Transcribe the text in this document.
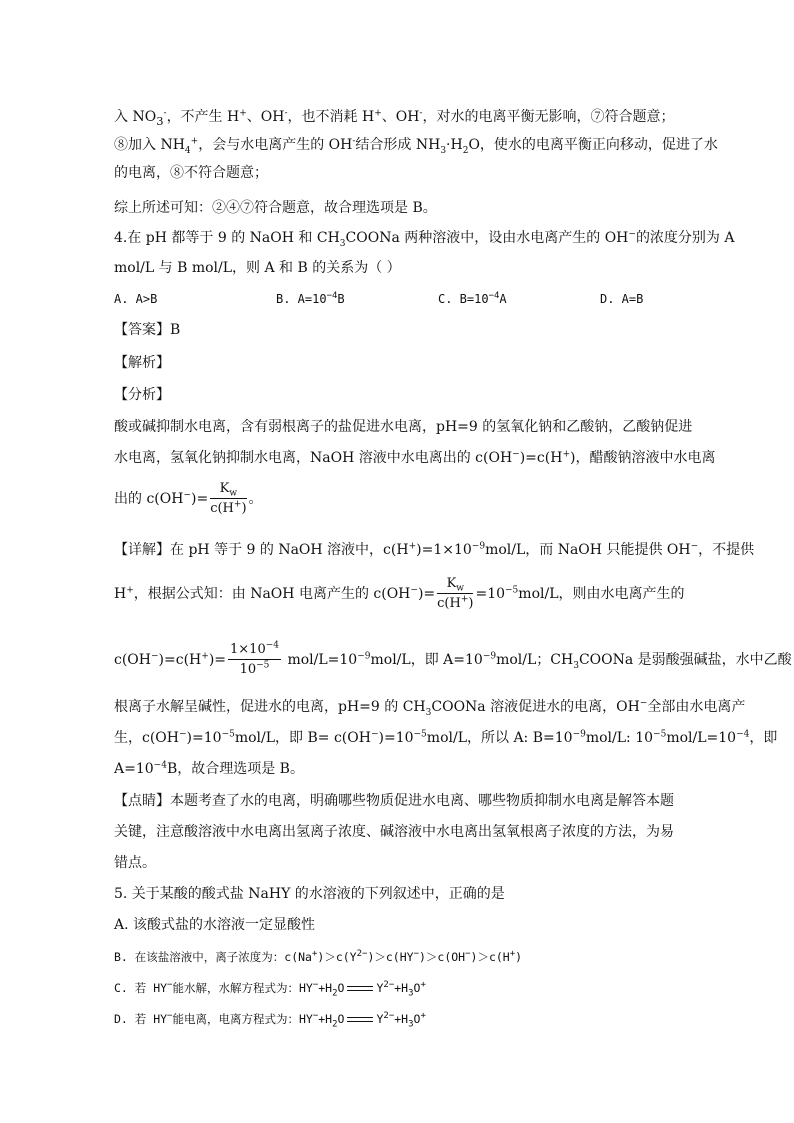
入 $NO_3^-$，不产生 H+、OH-，也不消耗 H+、OH-，对水的电离平衡无影响，⑦符合题意；
⑧加入 $NH_4^+$，会与水电离产生的 OH-结合形成 $NH_3\cdot H_2O$，使水的电离平衡正向移动，促进了水
的电离，⑧不符合题意；
综上所述可知：②④⑦符合题意，故合理选项是 B。
4.在 pH 都等于 9 的 NaOH 和 $CH_3COONa$ 两种溶液中，设由水电离产生的 OH−的浓度分别为 A
mol/L 与 B mol/L，则 A 和 B 的关系为（ ）
A. A>B	B. $A=10^{-4}B$	C. $B=10^{-4}A$	D. A=B
【答案】B
【解析】
【分析】
酸或碱抑制水电离，含有弱根离子的盐促进水电离，pH=9 的氢氧化钠和乙酸钠，乙酸钠促进
水电离，氢氧化钠抑制水电离，NaOH 溶液中水电离出的 c(OH−)=c(H+)，醋酸钠溶液中水电离
出的 $c(OH^-)= \frac{K_w}{c(H^+)}$ 。
【详解】在 pH 等于 9 的 NaOH 溶液中，$c(H^+)=1\times 10^{-9}mol/L$，而 NaOH 只能提供 OH−，不提供
H+，根据公式知：由 NaOH 电离产生的 $c(OH^-)= \frac{K_w}{c(H^+)} =10^{-5}mol/L$，则由水电离产生的
$c(OH^-)=c(H^+)= \frac{1\times 10^{-4}}{10^{-5}} mol/L=10^{-9}mol/L$，即 $A=10^{-9}mol/L$；$CH_3COONa$ 是弱酸强碱盐，水中乙酸
根离子水解呈碱性，促进水的电离，pH=9 的 $CH_3COONa$ 溶液促进水的电离，OH−全部由水电离产
生，$c(OH^-)=10^{-5}mol/L$，即 $B= c(OH^-)=10^{-5}mol/L$，所以 A: $B=10^{-9}mol/L$: $10^{-5}mol/L=10^{-4}$，即
$A=10^{-4}B$，故合理选项是 B。
【点睛】本题考查了水的电离，明确哪些物质促进水电离、哪些物质抑制水电离是解答本题
关键，注意酸溶液中水电离出氢离子浓度、碱溶液中水电离出氢氧根离子浓度的方法，为易
错点。
5. 关于某酸的酸式盐 NaHY 的水溶液的下列叙述中，正确的是
A. 该酸式盐的水溶液一定显酸性
B. 在该盐溶液中，离子浓度为：$c(Na^+)>c(Y^{2-})>c(HY^-)>c(OH^-)>c(H^+)$
C. 若 HY−能水解，水解方程式为：$HY^-+H_2O$	$Y^{2-}+H_3O^+$
D. 若 HY−能电离，电离方程式为：$HY^-+H_2O$	$Y^{2-}+H_3O^+$
